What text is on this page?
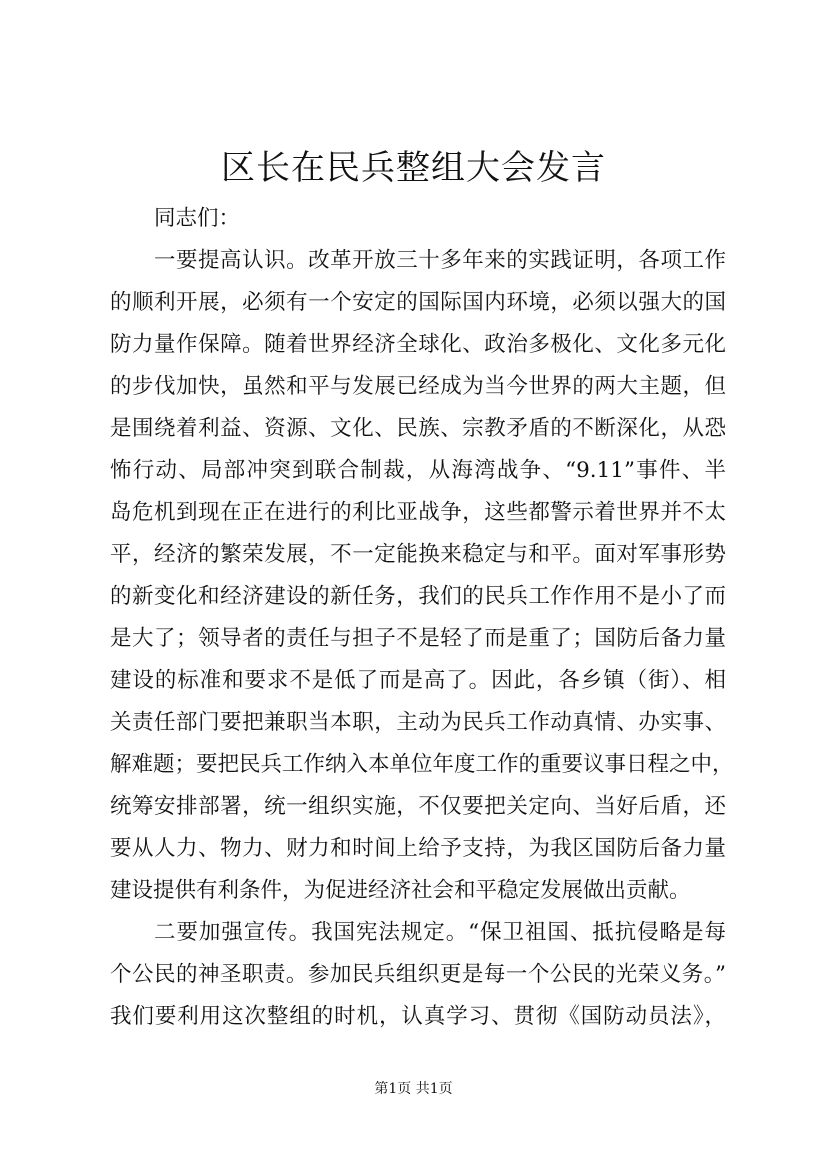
区长在民兵整组大会发言
同志们：
一要提高认识。改革开放三十多年来的实践证明，各项工作
的顺利开展，必须有一个安定的国际国内环境，必须以强大的国
防力量作保障。随着世界经济全球化、政治多极化、文化多元化
的步伐加快，虽然和平与发展已经成为当今世界的两大主题，但
是围绕着利益、资源、文化、民族、宗教矛盾的不断深化，从恐
怖行动、局部冲突到联合制裁，从海湾战争、“9.11”事件、半
岛危机到现在正在进行的利比亚战争，这些都警示着世界并不太
平，经济的繁荣发展，不一定能换来稳定与和平。面对军事形势
的新变化和经济建设的新任务，我们的民兵工作作用不是小了而
是大了；领导者的责任与担子不是轻了而是重了；国防后备力量
建设的标准和要求不是低了而是高了。因此，各乡镇（街）、相
关责任部门要把兼职当本职，主动为民兵工作动真情、办实事、
解难题；要把民兵工作纳入本单位年度工作的重要议事日程之中，
统筹安排部署，统一组织实施，不仅要把关定向、当好后盾，还
要从人力、物力、财力和时间上给予支持，为我区国防后备力量
建设提供有利条件，为促进经济社会和平稳定发展做出贡献。
二要加强宣传。我国宪法规定。“保卫祖国、抵抗侵略是每
个公民的神圣职责。参加民兵组织更是每一个公民的光荣义务。”
我们要利用这次整组的时机，认真学习、贯彻《国防动员法》，
第1页 共1页
